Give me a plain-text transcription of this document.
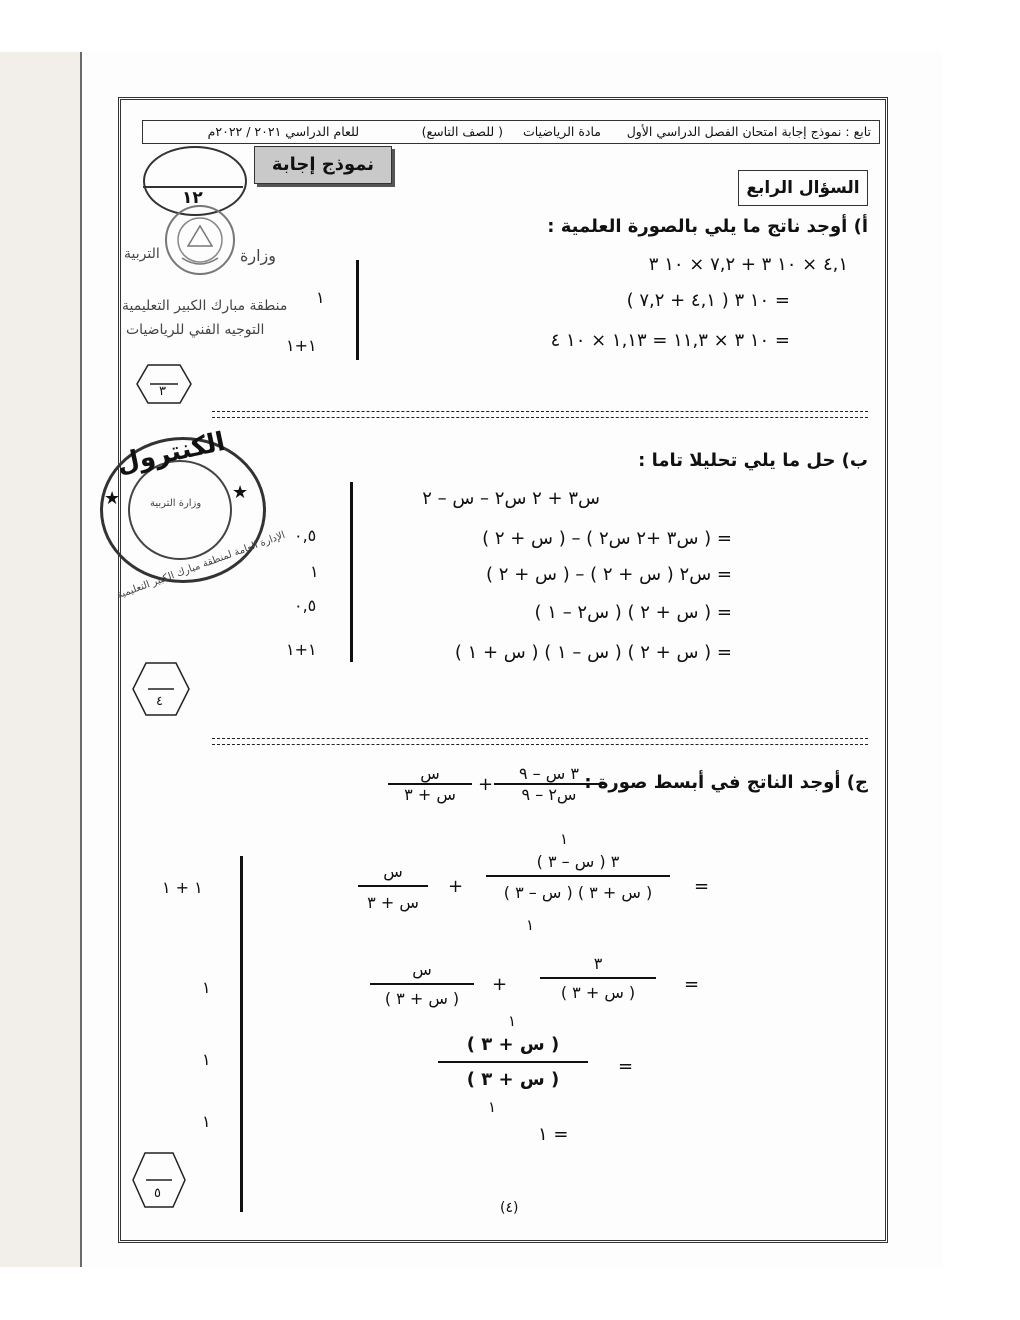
تابع : نموذج إجابة امتحان الفصل الدراسي الأول
مادة الرياضيات
( للصف التاسع)
للعام الدراسي ٢٠٢١ / ٢٠٢٢م
نموذج إجابة
١٢	السؤال الرابع
وزارة
التربية
منطقة مبارك الكبير التعليمية
التوجيه الفني للرياضيات
أ) أوجد ناتج ما يلي بالصورة العلمية :
٤,١ × ١٠ ٣ + ٧,٢ × ١٠ ٣
= ١٠ ٣ ( ٤,١ + ٧,٢ )
= ١٠ ٣ × ١١,٣ = ١,١٣ × ١٠ ٤
١
١+١
٣
الكنترول
الإدارة العامة لمنطقة مبارك الكبير التعليمية
وزارة التربية
★	★
ب) حل ما يلي تحليلا تاما :
س٣ + ٢ س٢ – س – ٢
= ( س٣ +٢ س٢ ) – ( س + ٢ )
= س٢ ( س + ٢ ) – ( س + ٢ )
= ( س + ٢ ) ( س٢ – ١ )
= ( س + ٢ ) ( س – ١ ) ( س + ١ )
٠,٥
١
٠,٥
١+١
٤
ج) أوجد الناتج في أبسط صورة :
٣ س – ٩
س٢ – ٩
+
س
س + ٣
=
٣ ( س – ٣ )
( س + ٣ ) ( س – ٣ )
١
١
+
س
س + ٣
=
٣
( س + ٣ )
+
س
( س + ٣ )
=
( س + ٣ )
( س + ٣ )
١
١
= ١
١ + ١
١
١
١
٥
(٤)
